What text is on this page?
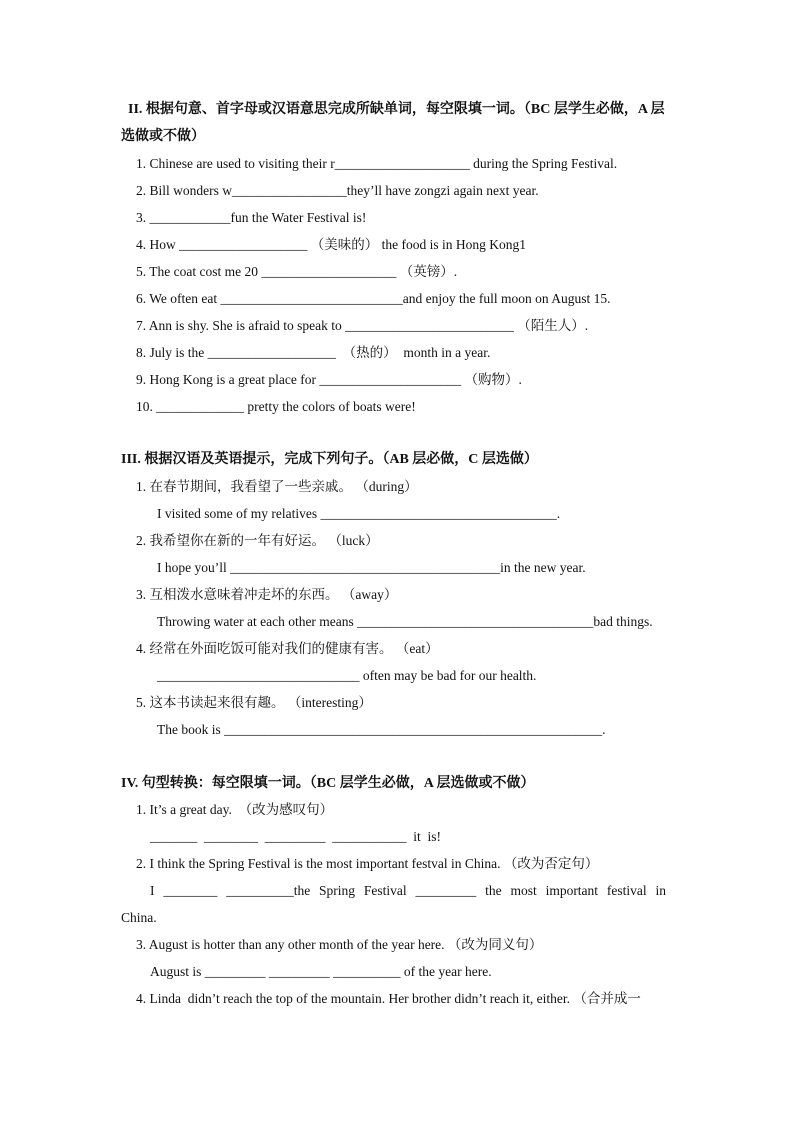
II. 根据句意、首字母或汉语意思完成所缺单词，每空限填一词。（BC 层学生必做，A 层
选做或不做）
1. Chinese are used to visiting their r____________________ during the Spring Festival.
2. Bill wonders w_________________they’ll have zongzi again next year.
3. ____________fun the Water Festival is!
4. How ___________________ （美味的） the food is in Hong Kong1
5. The coat cost me 20 ____________________ （英镑）.
6. We often eat ___________________________and enjoy the full moon on August 15.
7. Ann is shy. She is afraid to speak to _________________________ （陌生人）.
8. July is the ___________________  （热的）  month in a year.
9. Hong Kong is a great place for _____________________ （购物）.
10. _____________ pretty the colors of boats were!
III. 根据汉语及英语提示，完成下列句子。（AB 层必做，C 层选做）
1. 在春节期间，我看望了一些亲戚。 （during）
I visited some of my relatives ___________________________________.
2. 我希望你在新的一年有好运。 （luck）
I hope you’ll ________________________________________in the new year.
3. 互相泼水意味着冲走坏的东西。 （away）
Throwing water at each other means ___________________________________bad things.
4. 经常在外面吃饭可能对我们的健康有害。 （eat）
______________________________ often may be bad for our health.
5. 这本书读起来很有趣。 （interesting）
The book is ________________________________________________________.
IV. 句型转换：每空限填一词。（BC 层学生必做，A 层选做或不做）
1. It’s a great day.  （改为感叹句）
_______  ________  _________  ___________  it  is!
2. I think the Spring Festival is the most important festval in China. （改为否定句）
I ________ __________the Spring Festival _________ the most important festival in
China.
3. August is hotter than any other month of the year here. （改为同义句）
August is _________ _________ __________ of the year here.
4. Linda  didn’t reach the top of the mountain. Her brother didn’t reach it, either. （合并成一
